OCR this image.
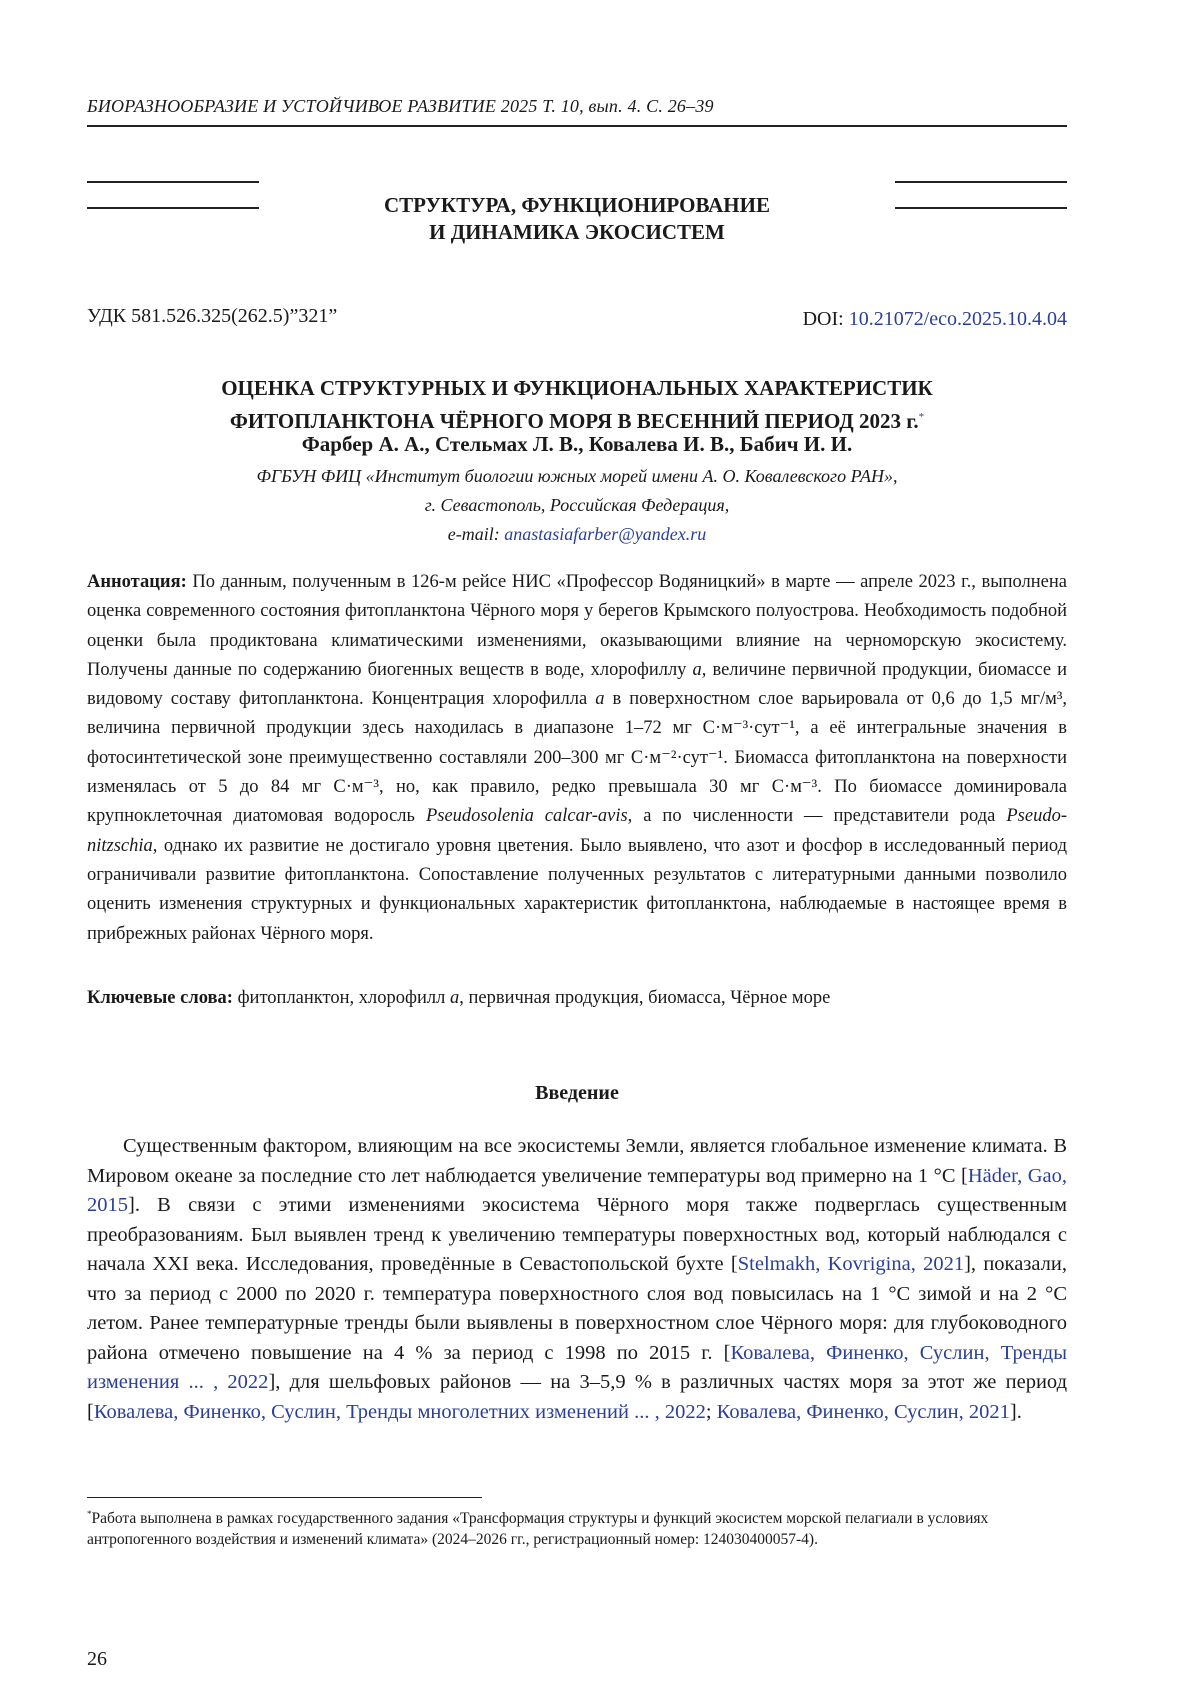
БИОРАЗНООБРАЗИЕ И УСТОЙЧИВОЕ РАЗВИТИЕ 2025 Т. 10, вып. 4. С. 26–39
СТРУКТУРА, ФУНКЦИОНИРОВАНИЕ
И ДИНАМИКА ЭКОСИСТЕМ
УДК 581.526.325(262.5)”321”	DOI: 10.21072/eco.2025.10.4.04
ОЦЕНКА СТРУКТУРНЫХ И ФУНКЦИОНАЛЬНЫХ ХАРАКТЕРИСТИК
ФИТОПЛАНКТОНА ЧЁРНОГО МОРЯ В ВЕСЕННИЙ ПЕРИОД 2023 г.*
Фарбер А. А., Стельмах Л. В., Ковалева И. В., Бабич И. И.
ФГБУН ФИЦ «Институт биологии южных морей имени А. О. Ковалевского РАН»,
г. Севастополь, Российская Федерация,
e-mail: anastasiafarber@yandex.ru
Аннотация: По данным, полученным в 126-м рейсе НИС «Профессор Водяницкий» в марте — апреле 2023 г., выполнена оценка современного состояния фитопланктона Чёрного моря у берегов Крымского полуострова. Необходимость подобной оценки была продиктована климатическими изменениями, оказывающими влияние на черноморскую экосистему. Получены данные по содержанию биогенных веществ в воде, хлорофиллу a, величине первичной продукции, биомассе и видовому составу фитопланктона. Концентрация хлорофилла a в поверхностном слое варьировала от 0,6 до 1,5 мг/м³, величина первичной продукции здесь находилась в диапазоне 1–72 мг С·м⁻³·сут⁻¹, а её интегральные значения в фотосинтетической зоне преимущественно составляли 200–300 мг С·м⁻²·сут⁻¹. Биомасса фитопланктона на поверхности изменялась от 5 до 84 мг С·м⁻³, но, как правило, редко превышала 30 мг С·м⁻³. По биомассе доминировала крупноклеточная диатомовая водоросль Pseudosolenia calcar-avis, а по численности — представители рода Pseudo-nitzschia, однако их развитие не достигало уровня цветения. Было выявлено, что азот и фосфор в исследованный период ограничивали развитие фитопланктона. Сопоставление полученных результатов с литературными данными позволило оценить изменения структурных и функциональных характеристик фитопланктона, наблюдаемые в настоящее время в прибрежных районах Чёрного моря.
Ключевые слова: фитопланктон, хлорофилл a, первичная продукция, биомасса, Чёрное море
Введение
Существенным фактором, влияющим на все экосистемы Земли, является глобальное изменение климата. В Мировом океане за последние сто лет наблюдается увеличение температуры вод примерно на 1 °С [Häder, Gao, 2015]. В связи с этими изменениями экосистема Чёрного моря также подверглась существенным преобразованиям. Был выявлен тренд к увеличению температуры поверхностных вод, который наблюдался с начала XXI века. Исследования, проведённые в Севастопольской бухте [Stelmakh, Kovrigina, 2021], показали, что за период с 2000 по 2020 г. температура поверхностного слоя вод повысилась на 1 °С зимой и на 2 °С летом. Ранее температурные тренды были выявлены в поверхностном слое Чёрного моря: для глубоководного района отмечено повышение на 4 % за период с 1998 по 2015 г. [Ковалева, Финенко, Суслин, Тренды изменения ... , 2022], для шельфовых районов — на 3–5,9 % в различных частях моря за этот же период [Ковалева, Финенко, Суслин, Тренды многолетних изменений ... , 2022; Ковалева, Финенко, Суслин, 2021].
*Работа выполнена в рамках государственного задания «Трансформация структуры и функций экосистем морской пелагиали в условиях антропогенного воздействия и изменений климата» (2024–2026 гг., регистрационный номер: 124030400057-4).
26
